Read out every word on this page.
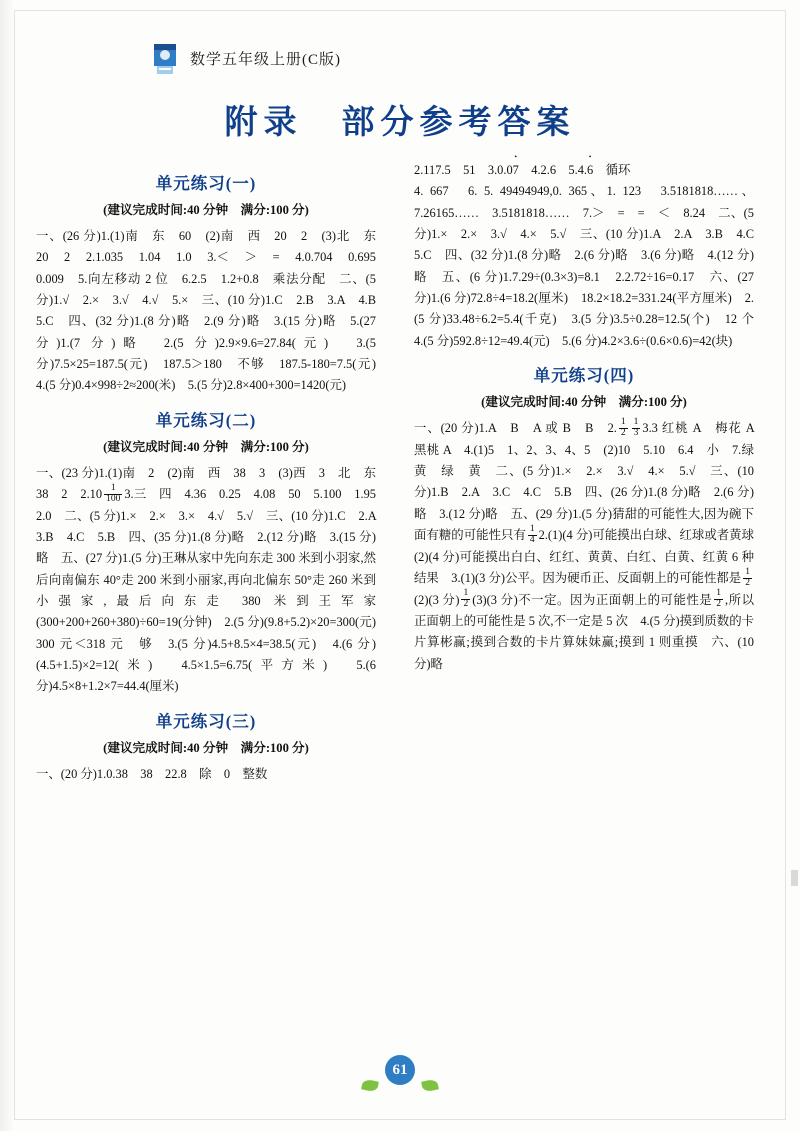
数学五年级上册(C版)
附录　部分参考答案
单元练习(一)
(建议完成时间:40 分钟　满分:100 分)
一、(26 分)1.(1)南　东　60　(2)南　西　20　2　(3)北　东　20　2　2.1.035　1.04　1.0　3.＜　＞　=　4.0.704　0.695　0.009　5.向左移动 2 位　6.2.5　1.2+0.8　乘法分配　二、(5 分)1.√　2.×　3.√　4.√　5.×　三、(10 分)1.C　2.B　3.A　4.B　5.C　四、(32 分)1.(8 分)略　2.(9 分)略　3.(15 分)略　5.(27 分)1.(7 分)略　2.(5 分)2.9×9.6=27.84(元)　3.(5 分)7.5×25=187.5(元)　187.5＞180　不够　187.5-180=7.5(元)　4.(5 分)0.4×998÷2≈200(米)　5.(5 分)2.8×400+300=1420(元)
单元练习(二)
(建议完成时间:40 分钟　满分:100 分)
一、(23 分)1.(1)南　2　(2)南　西　38　3　(3)西　3　北　东　38　2　$2.10 \frac{1}{100} 3$.三　四　4.36　0.25　4.08　50　5.100　1.95　2.0　二、(5 分)1.×　2.×　3.×　4.√　5.√　三、(10 分)1.C　2.A　3.B　4.C　5.B　四、(35 分)1.(8 分)略　2.(12 分)略　3.(15 分)略　五、(27 分)1.(5 分)王琳从家中先向东走 300 米到小羽家,然后向南偏东 40°走 200 米到小丽家,再向北偏东 50°走 260 米到小强家,最后向东走 380 米到王军家　(300+200+260+380)÷60=19(分钟)　2.(5 分)(9.8+5.2)×20=300(元)　300 元＜318 元　够　3.(5 分)4.5+8.5×4=38.5(元)　4.(6 分)(4.5+1.5)×2=12(米)　4.5×1.5=6.75(平方米)　5.(6 分)4.5×8+1.2×7=44.4(厘米)
单元练习(三)
(建议完成时间:40 分钟　满分:100 分)
一、(20 分)1.0.38　38　22.8　除　0　整数
2.117.5　51　3.0.0• 7　4.2.6　5.4.• 6　循环
4. 667　6. 5. 49494949,0. 365、1. 123　3.5181818……、7.26165……　3.5181818……　7.＞　=　=　＜　8.24　二、(5 分)1.×　2.×　3.√　4.×　5.√　三、(10 分)1.A　2.A　3.B　4.C　5.C　四、(32 分)1.(8 分)略　2.(6 分)略　3.(6 分)略　4.(12 分)略　五、(6 分)1.7.29÷(0.3×3)=8.1　2.2.72÷16=0.17　六、(27 分)1.(6 分)72.8÷4=18.2(厘米)　18.2×18.2=331.24(平方厘米)　2.(5 分)33.48÷6.2=5.4(千克)　3.(5 分)3.5÷0.28=12.5(个)　12 个　4.(5 分)592.8÷12=49.4(元)　5.(6 分)4.2×3.6÷(0.6×0.6)=42(块)
单元练习(四)
(建议完成时间:40 分钟　满分:100 分)
一、(20 分)1.A　B　A 或 B　B　2. $\frac{1}{2} \frac{1}{3} 3.3$ 红桃 A　梅花 A　黑桃 A　4.(1)5　1、2、3、4、5　(2)10　5.10　6.4　小　7.绿　黄　绿　黄　二、(5 分)1.×　2.×　3.√　4.×　5.√　三、(10 分)1.B　2.A　3.C　4.C　5.B　四、(26 分)1.(8 分)略　2.(6 分)略　3.(12 分)略　五、(29 分)1.(5 分)猜甜的可能性大,因为碗下面有糖的可能性只有 $\frac{1}{4} 2.(1)(4$ 分)可能摸出白球、红球或者黄球　(2)(4 分)可能摸出白白、红红、黄黄、白红、白黄、红黄 6 种结果　3.(1)(3 分)公平。因为硬币正、反面朝上的可能性都是 $\frac{1}{2}$
(2)(3 分) $\frac{1}{2} (3)(3$ 分)不一定。因为正面朝上的可能性是 $\frac{1}{2}$ ,所以正面朝上的可能性是 5 次,不一定是 5 次　4.(5 分)摸到质数的卡片算彬赢;摸到合数的卡片算妹妹赢;摸到 1 则重摸　六、(10 分)略
61
